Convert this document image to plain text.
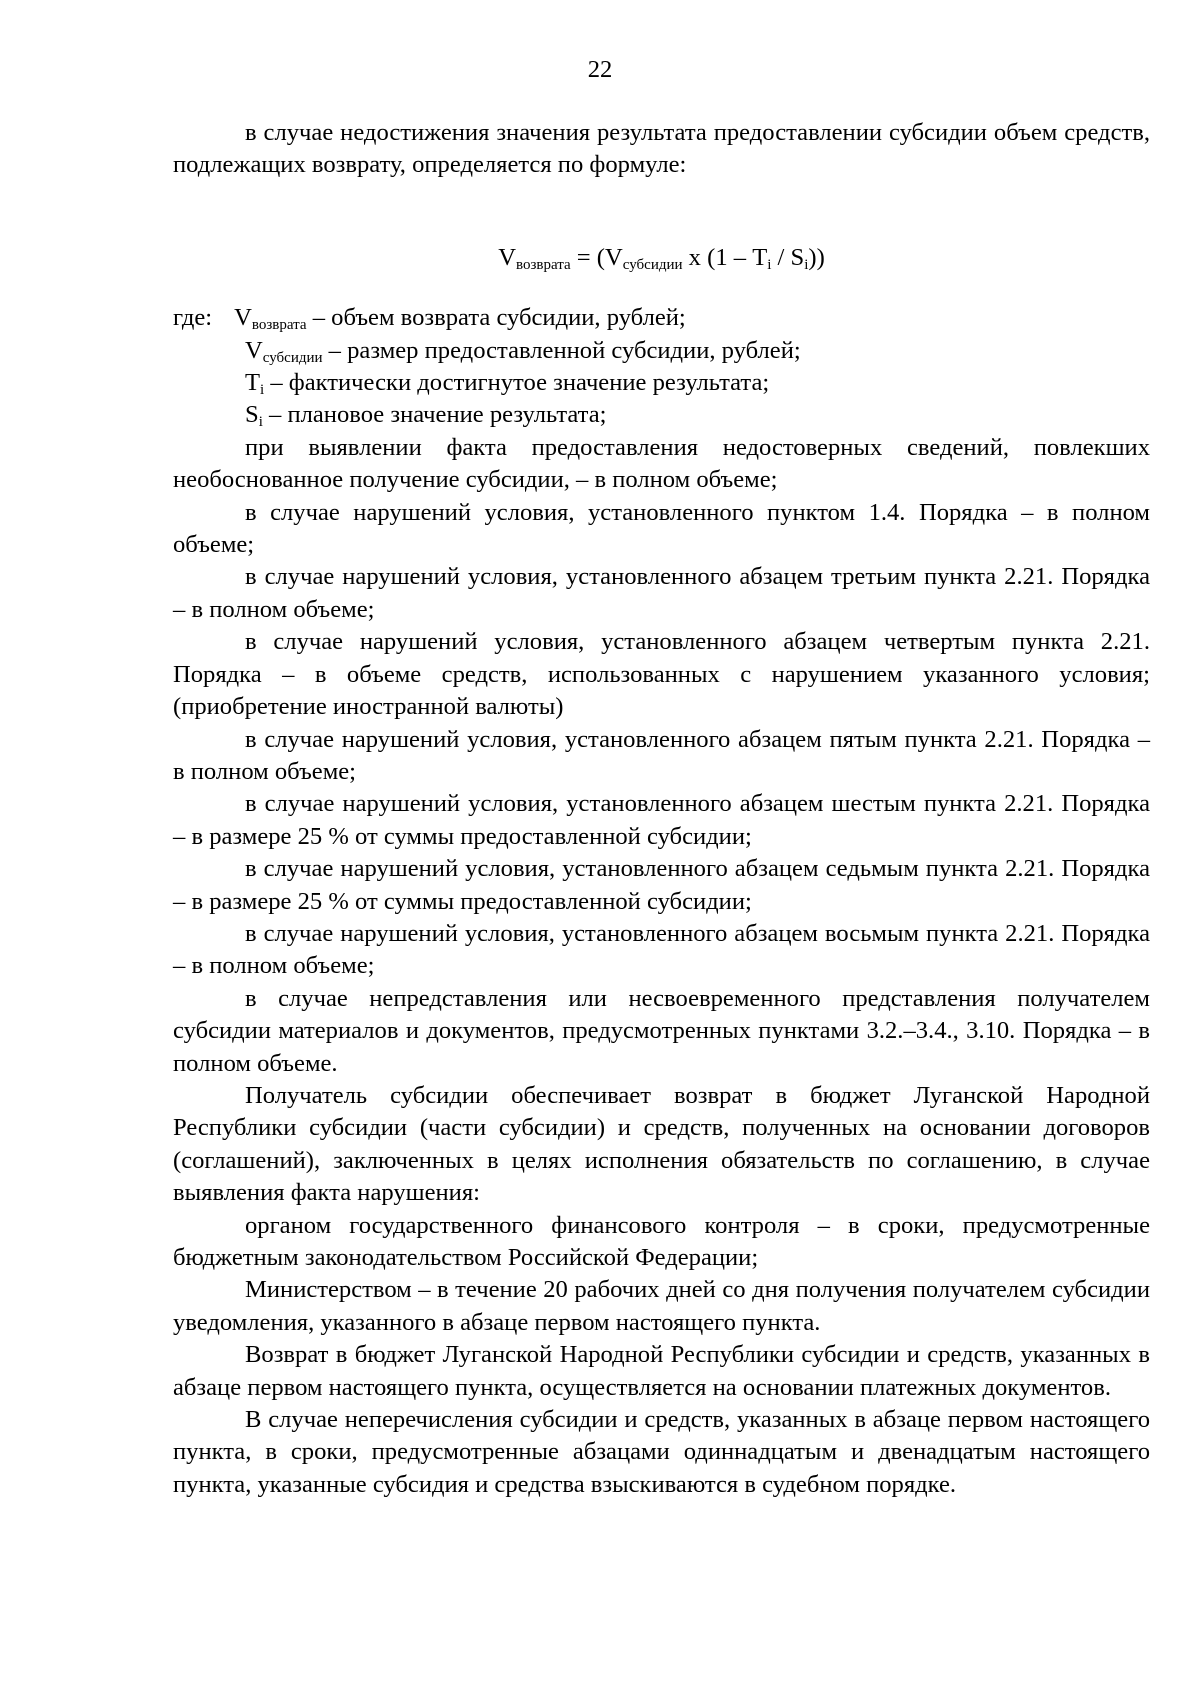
22

в случае недостижения значения результата предоставлении субсидии объем средств, подлежащих возврату, определяется по формуле:

$V_{возврата} = (V_{субсидии}$ х $(1 - T_i / S_i)$)

где: $V_{возврата}$ – объем возврата субсидии, рублей;

$V_{субсидии}$ – размер предоставленной субсидии, рублей;

$T_i$ – фактически достигнутое значение результата;

$S_i$ – плановое значение результата;

при выявлении факта предоставления недостоверных сведений, повлекших необоснованное получение субсидии, – в полном объеме;

в случае нарушений условия, установленного пунктом 1.4. Порядка – в полном объеме;

в случае нарушений условия, установленного абзацем третьим пункта 2.21. Порядка – в полном объеме;

в случае нарушений условия, установленного абзацем четвертым пункта 2.21. Порядка – в объеме средств, использованных с нарушением указанного условия; (приобретение иностранной валюты)

в случае нарушений условия, установленного абзацем пятым пункта 2.21. Порядка – в полном объеме;

в случае нарушений условия, установленного абзацем шестым пункта 2.21. Порядка – в размере 25 % от суммы предоставленной субсидии;

в случае нарушений условия, установленного абзацем седьмым пункта 2.21. Порядка – в размере 25 % от суммы предоставленной субсидии;

в случае нарушений условия, установленного абзацем восьмым пункта 2.21. Порядка – в полном объеме;

в случае непредставления или несвоевременного представления получателем субсидии материалов и документов, предусмотренных пунктами 3.2.–3.4., 3.10. Порядка – в полном объеме.

Получатель субсидии обеспечивает возврат в бюджет Луганской Народной Республики субсидии (части субсидии) и средств, полученных на основании договоров (соглашений), заключенных в целях исполнения обязательств по соглашению, в случае выявления факта нарушения:

органом государственного финансового контроля – в сроки, предусмотренные бюджетным законодательством Российской Федерации;

Министерством – в течение 20 рабочих дней со дня получения получателем субсидии уведомления, указанного в абзаце первом настоящего пункта.

Возврат в бюджет Луганской Народной Республики субсидии и средств, указанных в абзаце первом настоящего пункта, осуществляется на основании платежных документов.

В случае неперечисления субсидии и средств, указанных в абзаце первом настоящего пункта, в сроки, предусмотренные абзацами одиннадцатым и двенадцатым настоящего пункта, указанные субсидия и средства взыскиваются в судебном порядке.
